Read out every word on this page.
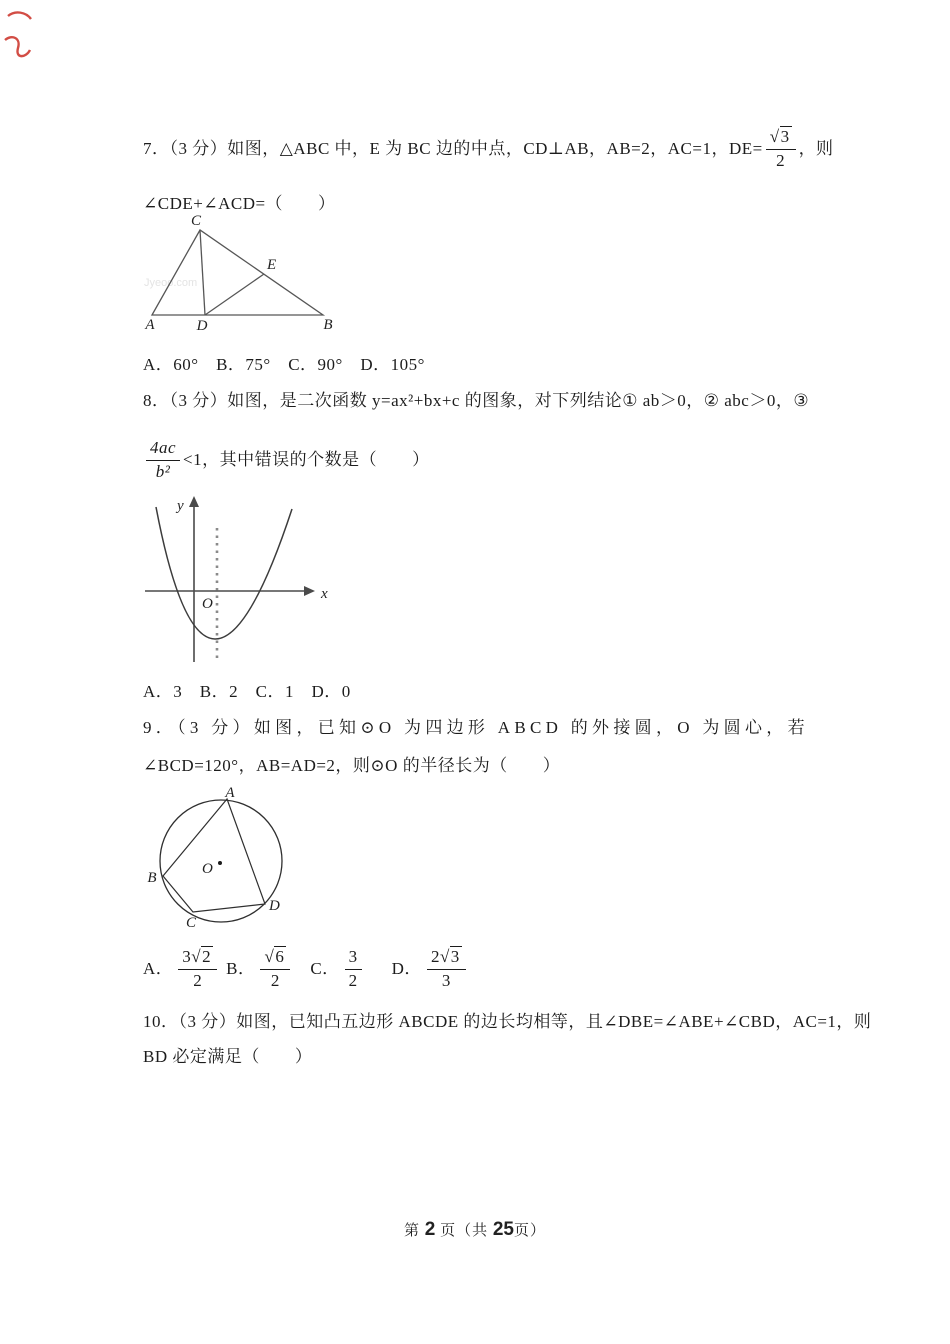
7．（3 分）如图，△ABC 中，E 为 BC 边的中点，CD⊥AB，AB=2，AC=1，$DE= \frac{√3}{2}$ ，则
∠CDE+∠ACD=（　　）
Jyeoo.com
A	B
C
D
E
A．60°　B．75°　C．90°　D．105°
8．（3 分）如图，是二次函数 y=ax²+bx+c 的图象，对下列结论① ab＞0，② abc＞0，③
$\frac{4ac}{\text{b²}} <1$，其中错误的个数是（　　）
y
x
O
A．3　B．2　C．1　D．0
9．（3 分）如图，已知⊙O 为四边形 ABCD 的外接圆，O 为圆心，若
∠BCD=120°，AB=AD=2，则⊙O 的半径长为（　　）
A
B
C
D
O
A．
3√2
2
B．
√6
2
C． $\frac{3}{2}$ D．
2√3
3
10．（3 分）如图，已知凸五边形 ABCDE 的边长均相等，且∠DBE=∠ABE+∠CBD，AC=1，则
BD 必定满足（　　）
第 2 页（共 25页）
